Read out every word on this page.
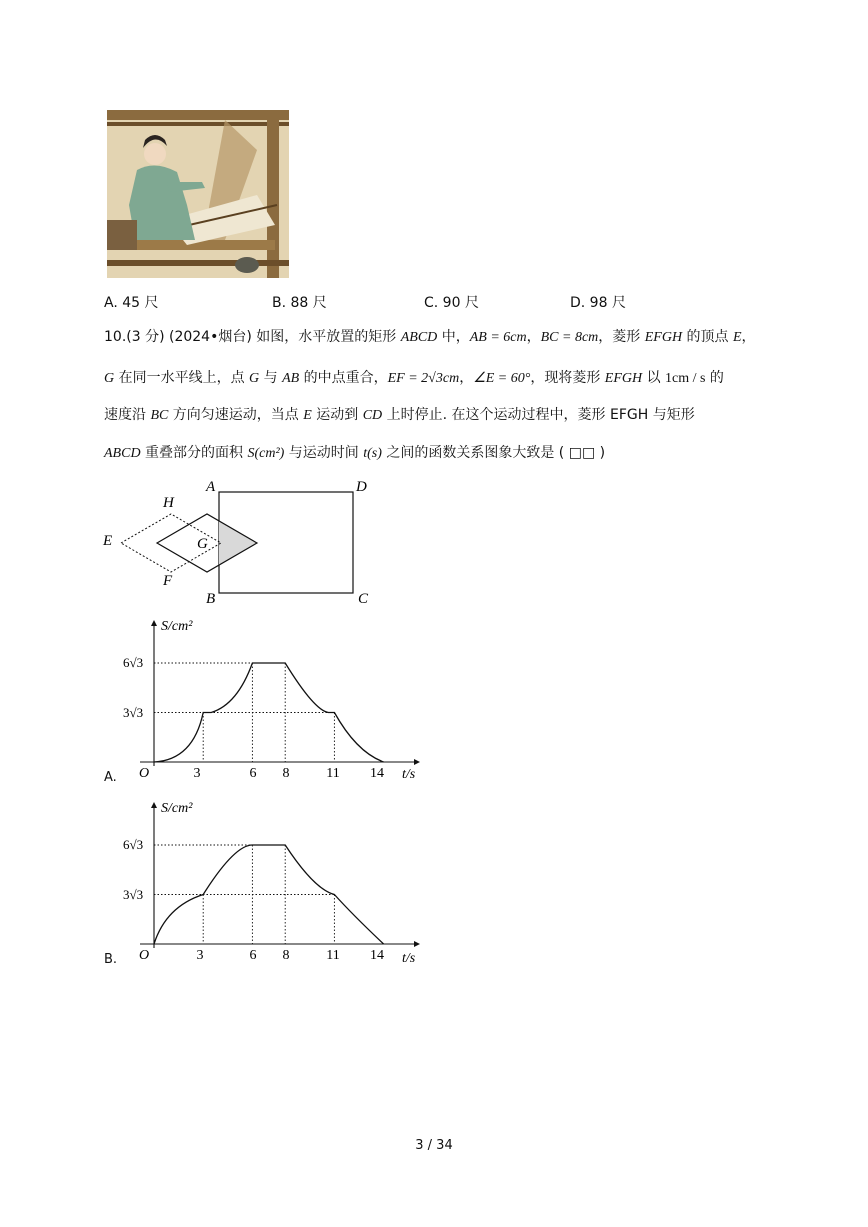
A. 45 尺	B. 88 尺	C. 90 尺	D. 98 尺
10.(3 分) (2024•烟台) 如图，水平放置的矩形 ABCD 中，AB = 6cm，BC = 8cm，菱形 EFGH 的顶点 E，
G 在同一水平线上，点 G 与 AB 的中点重合，EF = 2√3cm，∠E = 60°，现将菱形 EFGH 以 1cm / s 的
速度沿 BC 方向匀速运动，当点 E 运动到 CD 上时停止. 在这个运动过程中，菱形 EFGH 与矩形
ABCD 重叠部分的面积 S(cm²) 与运动时间 t(s) 之间的函数关系图象大致是 ( □□ )
A	D
B	C
H
E	G
F
S/cm²
t/s
O
6√3
3√3
3	6 8	11 14
A.
S/cm²
t/s
O
6√3
3√3
3	6 8	11 14
B.
3 / 34
